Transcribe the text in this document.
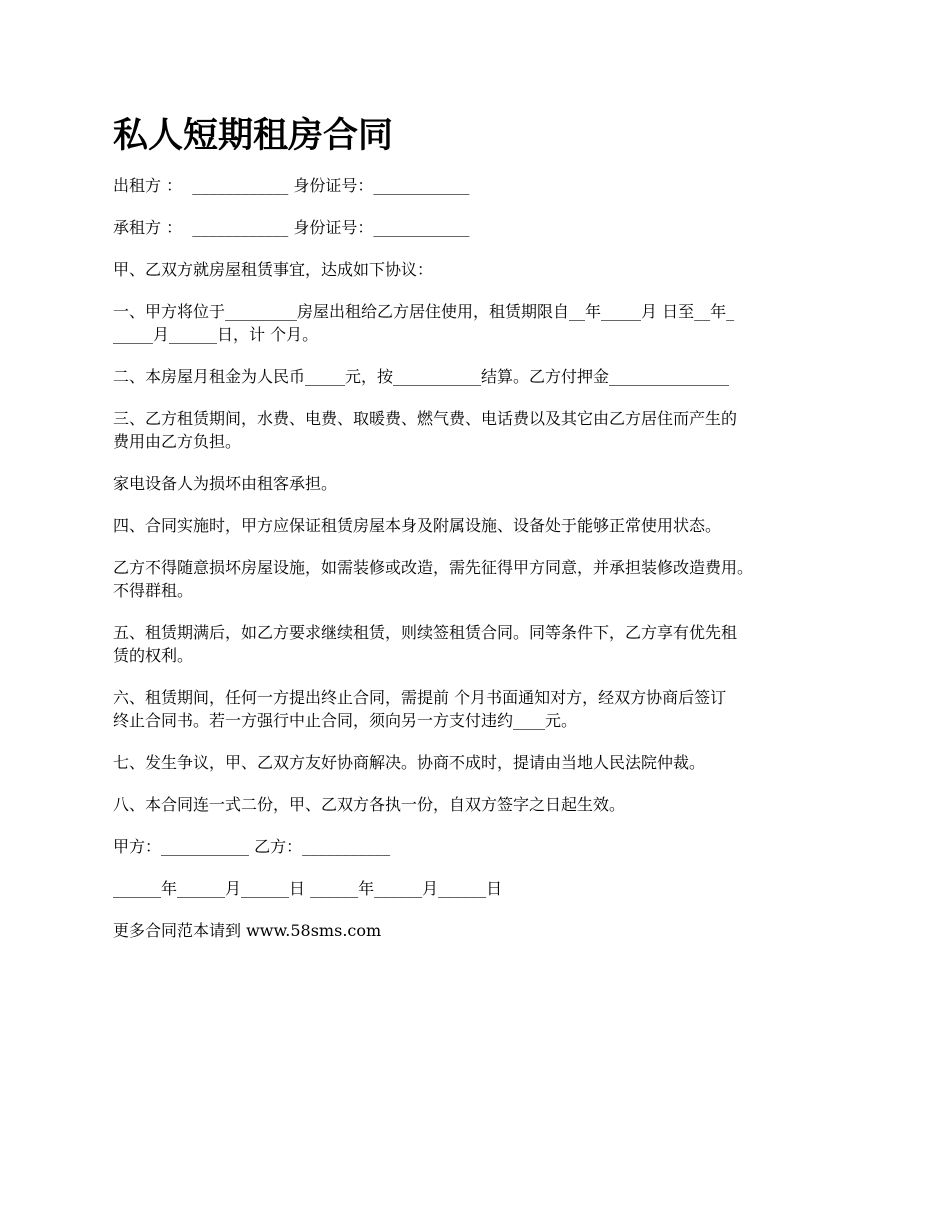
私人短期租房合同

出租方 ：  ____________ 身份证号：____________

承租方 ：  ____________ 身份证号：____________

甲、乙双方就房屋租赁事宜，达成如下协议：

一、甲方将位于_________房屋出租给乙方居住使用，租赁期限自__年_____月 日至__年_
_____月______日，计 个月。

二、本房屋月租金为人民币_____元，按___________结算。乙方付押金_______________

三、乙方租赁期间，水费、电费、取暖费、燃气费、电话费以及其它由乙方居住而产生的
费用由乙方负担。

家电设备人为损坏由租客承担。

四、合同实施时，甲方应保证租赁房屋本身及附属设施、设备处于能够正常使用状态。

乙方不得随意损坏房屋设施，如需装修或改造，需先征得甲方同意，并承担装修改造费用。
不得群租。

五、租赁期满后，如乙方要求继续租赁，则续签租赁合同。同等条件下，乙方享有优先租
赁的权利。

六、租赁期间，任何一方提出终止合同，需提前 个月书面通知对方，经双方协商后签订
终止合同书。若一方强行中止合同，须向另一方支付违约____元。

七、发生争议，甲、乙双方友好协商解决。协商不成时，提请由当地人民法院仲裁。

八、本合同连一式二份，甲、乙双方各执一份，自双方签字之日起生效。

甲方：___________ 乙方：___________

______年______月______日 ______年______月______日

更多合同范本请到 www.58sms.com
